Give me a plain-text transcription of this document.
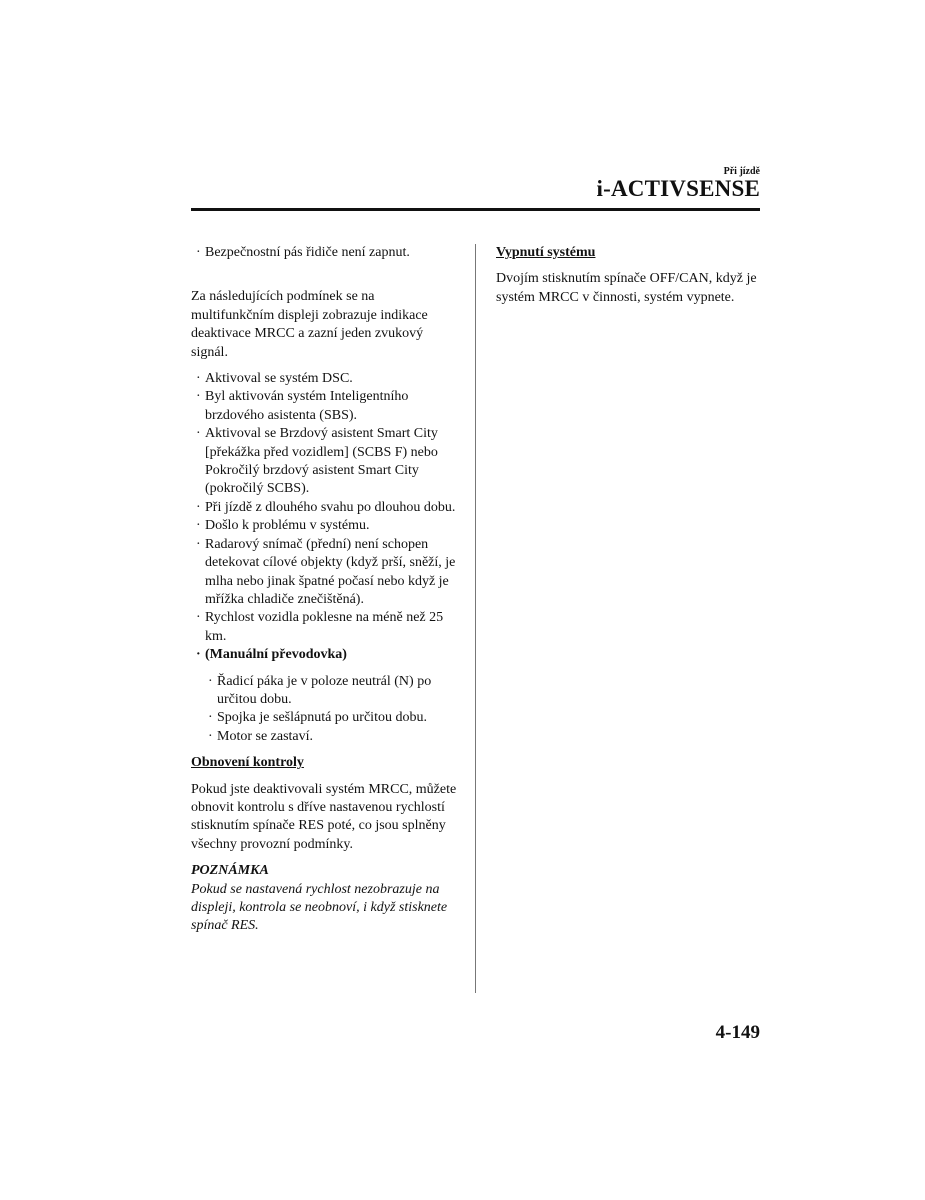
Při jízdě
i-ACTIVSENSE
· Bezpečnostní pás řidiče není zapnut.
Za následujících podmínek se na multifunkčním displeji zobrazuje indikace deaktivace MRCC a zazní jeden zvukový signál.
· Aktivoval se systém DSC.
· Byl aktivován systém Inteligentního brzdového asistenta (SBS).
· Aktivoval se Brzdový asistent Smart City [překážka před vozidlem] (SCBS F) nebo Pokročilý brzdový asistent Smart City (pokročilý SCBS).
· Při jízdě z dlouhého svahu po dlouhou dobu.
· Došlo k problému v systému.
· Radarový snímač (přední) není schopen detekovat cílové objekty (když prší, sněží, je mlha nebo jinak špatné počasí nebo když je mřížka chladiče znečištěná).
· Rychlost vozidla poklesne na méně než 25 km.
· (Manuální převodovka)
· Řadicí páka je v poloze neutrál (N) po určitou dobu.
· Spojka je sešlápnutá po určitou dobu.
· Motor se zastaví.
Obnovení kontroly
Pokud jste deaktivovali systém MRCC, můžete obnovit kontrolu s dříve nastavenou rychlostí stisknutím spínače RES poté, co jsou splněny všechny provozní podmínky.
POZNÁMKA
Pokud se nastavená rychlost nezobrazuje na displeji, kontrola se neobnoví, i když stisknete spínač RES.
Vypnutí systému
Dvojím stisknutím spínače OFF/CAN, když je systém MRCC v činnosti, systém vypnete.
4-149
